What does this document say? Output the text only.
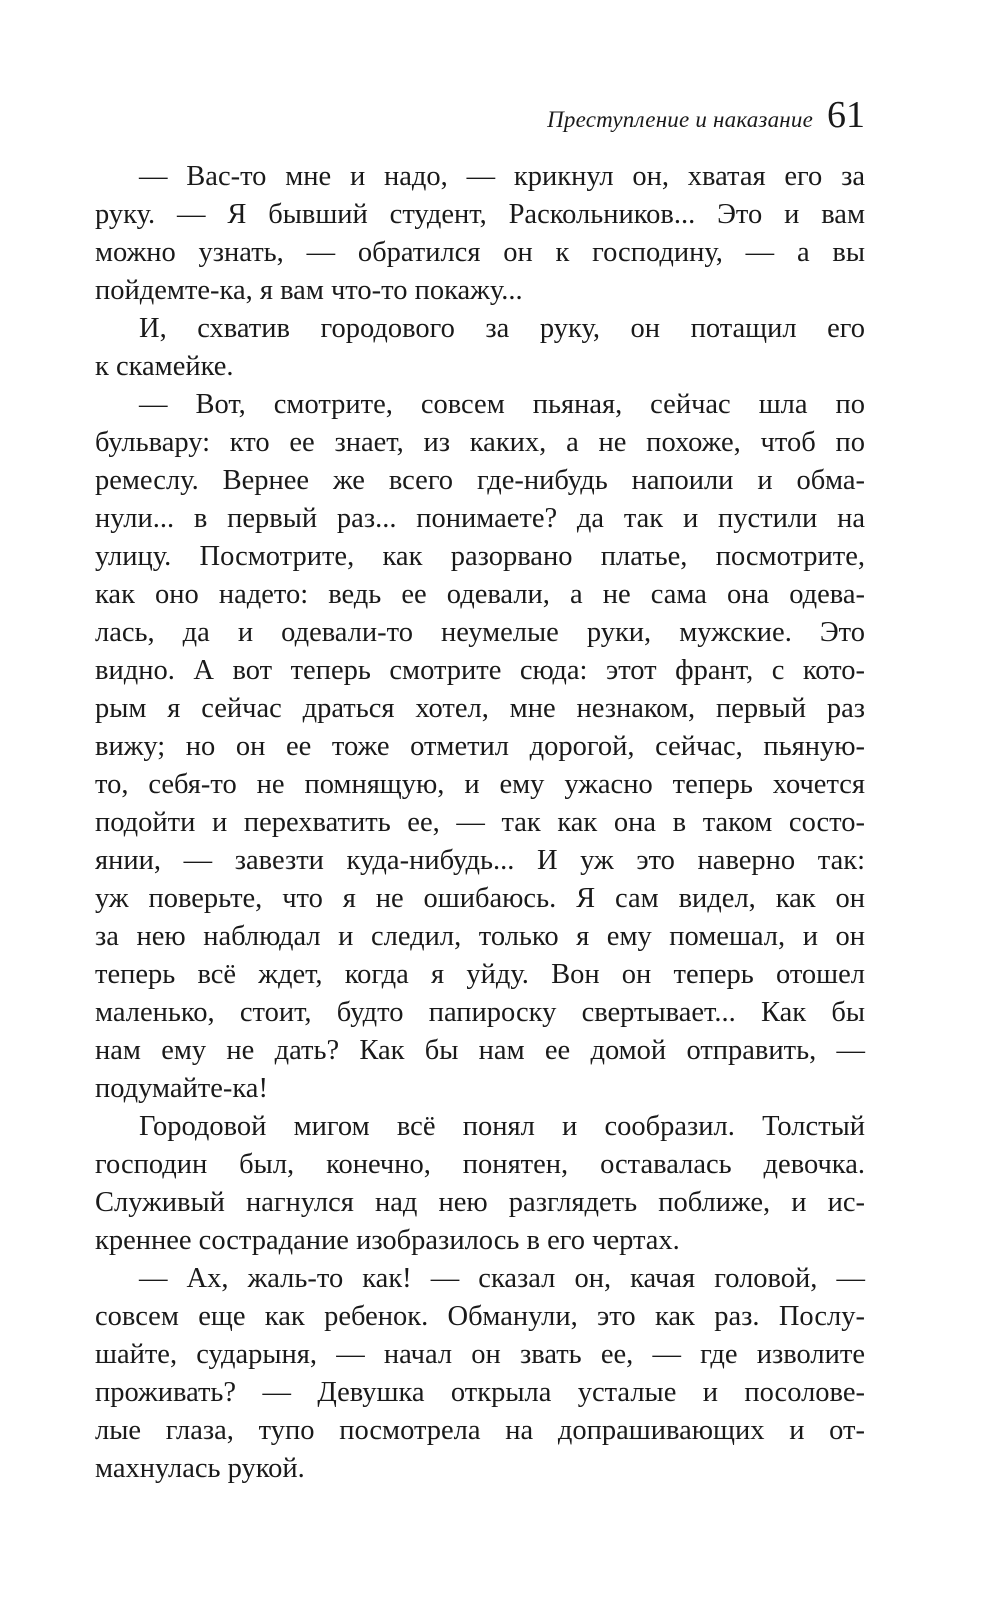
Преступление и наказание 61
— Вас-то мне и надо, — крикнул он, хватая его за
руку. — Я бывший студент, Раскольников... Это и вам
можно узнать, — обратился он к господину, — а вы
пойдемте-ка, я вам что-то покажу...
И, схватив городового за руку, он потащил его
к скамейке.
— Вот, смотрите, совсем пьяная, сейчас шла по
бульвару: кто ее знает, из каких, а не похоже, чтоб по
ремеслу. Вернее же всего где-нибудь напоили и обма-
нули... в первый раз... понимаете? да так и пустили на
улицу. Посмотрите, как разорвано платье, посмотрите,
как оно надето: ведь ее одевали, а не сама она одева-
лась, да и одевали-то неумелые руки, мужские. Это
видно. А вот теперь смотрите сюда: этот франт, с кото-
рым я сейчас драться хотел, мне незнаком, первый раз
вижу; но он ее тоже отметил дорогой, сейчас, пьяную-
то, себя-то не помнящую, и ему ужасно теперь хочется
подойти и перехватить ее, — так как она в таком состо-
янии, — завезти куда-нибудь... И уж это наверно так:
уж поверьте, что я не ошибаюсь. Я сам видел, как он
за нею наблюдал и следил, только я ему помешал, и он
теперь всё ждет, когда я уйду. Вон он теперь отошел
маленько, стоит, будто папироску свертывает... Как бы
нам ему не дать? Как бы нам ее домой отправить, —
подумайте-ка!
Городовой мигом всё понял и сообразил. Толстый
господин был, конечно, понятен, оставалась девочка.
Служивый нагнулся над нею разглядеть поближе, и ис-
креннее сострадание изобразилось в его чертах.
— Ах, жаль-то как! — сказал он, качая головой, —
совсем еще как ребенок. Обманули, это как раз. Послу-
шайте, сударыня, — начал он звать ее, — где изволите
проживать? — Девушка открыла усталые и посолове-
лые глаза, тупо посмотрела на допрашивающих и от-
махнулась рукой.
